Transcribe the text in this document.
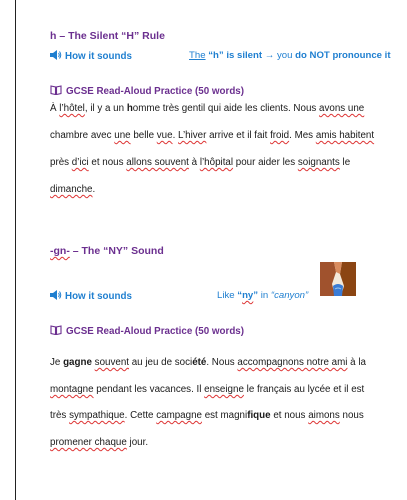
h – The Silent “H” Rule
How it sounds	The “h” is silent → you do NOT pronounce it
GCSE Read-Aloud Practice (50 words)
À l’hôtel, il y a un homme très gentil qui aide les clients. Nous avons une
chambre avec une belle vue. L’hiver arrive et il fait froid. Mes amis habitent
près d’ici et nous allons souvent à l’hôpital pour aider les soignants le
dimanche.
-gn- – The “NY” Sound
How it sounds	Like “ny” in “canyon”
GCSE Read-Aloud Practice (50 words)
Je gagne souvent au jeu de société. Nous accompagnons notre ami à la
montagne pendant les vacances. Il enseigne le français au lycée et il est
très sympathique. Cette campagne est magnifique et nous aimons nous
promener chaque jour.
